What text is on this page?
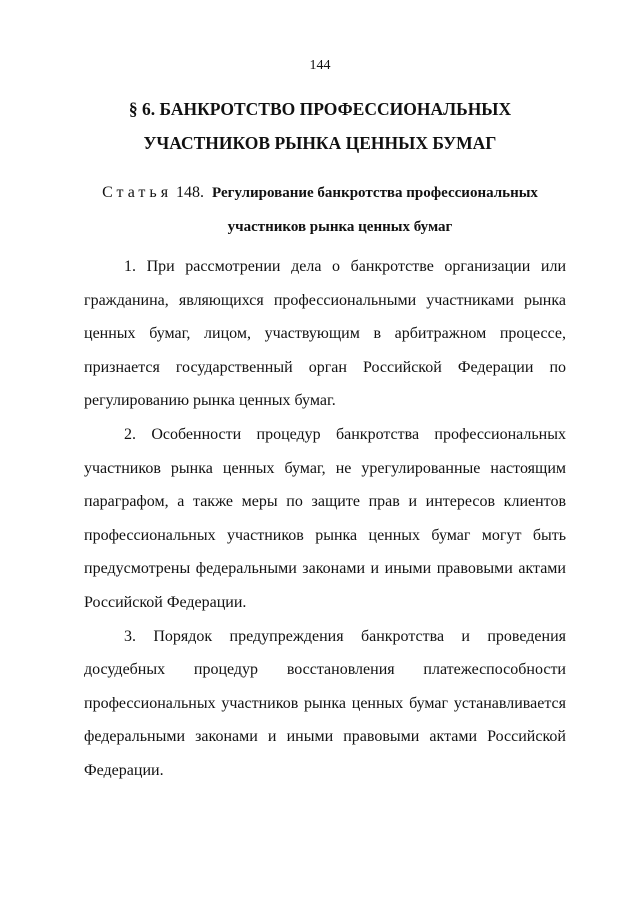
144
§ 6. БАНКРОТСТВО ПРОФЕССИОНАЛЬНЫХ
УЧАСТНИКОВ РЫНКА ЦЕННЫХ БУМАГ
Статья 148. Регулирование банкротства профессиональных
участников рынка ценных бумаг

1. При рассмотрении дела о банкротстве организации или
гражданина, являющихся профессиональными участниками рынка
ценных бумаг, лицом, участвующим в арбитражном процессе,
признается государственный орган Российской Федерации по
регулированию рынка ценных бумаг.

2. Особенности процедур банкротства профессиональных
участников рынка ценных бумаг, не урегулированные настоящим
параграфом, а также меры по защите прав и интересов клиентов
профессиональных участников рынка ценных бумаг могут быть
предусмотрены федеральными законами и иными правовыми актами
Российской Федерации.

3. Порядок предупреждения банкротства и проведения
досудебных процедур восстановления платежеспособности
профессиональных участников рынка ценных бумаг устанавливается
федеральными законами и иными правовыми актами Российской
Федерации.
